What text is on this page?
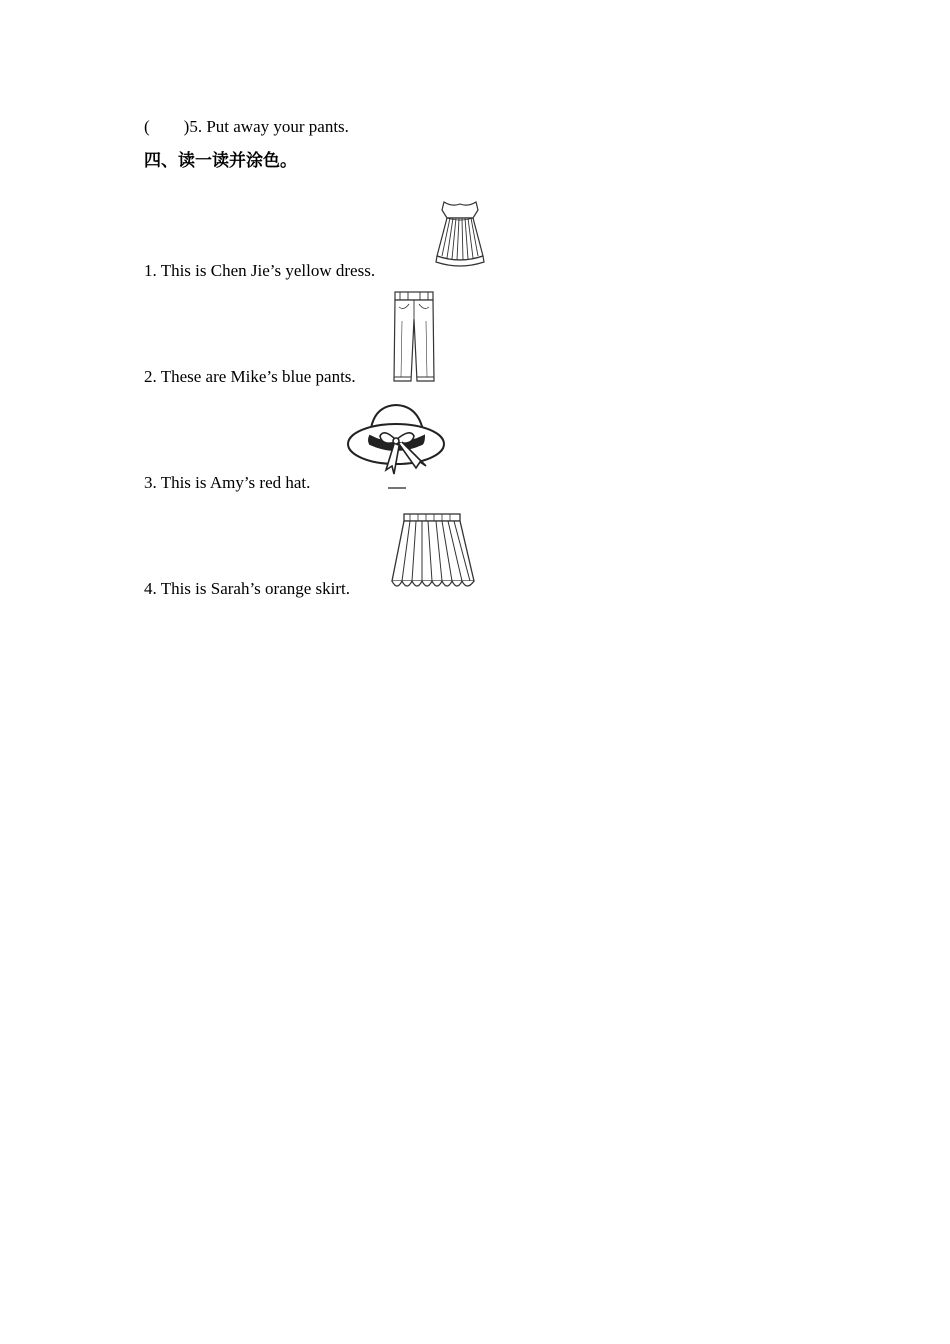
( )5. Put away your pants.
四、读一读并涂色。
1. This is Chen Jie’s yellow dress.
2. These are Mike’s blue pants.
3. This is Amy’s red hat.
4. This is Sarah’s orange skirt.
